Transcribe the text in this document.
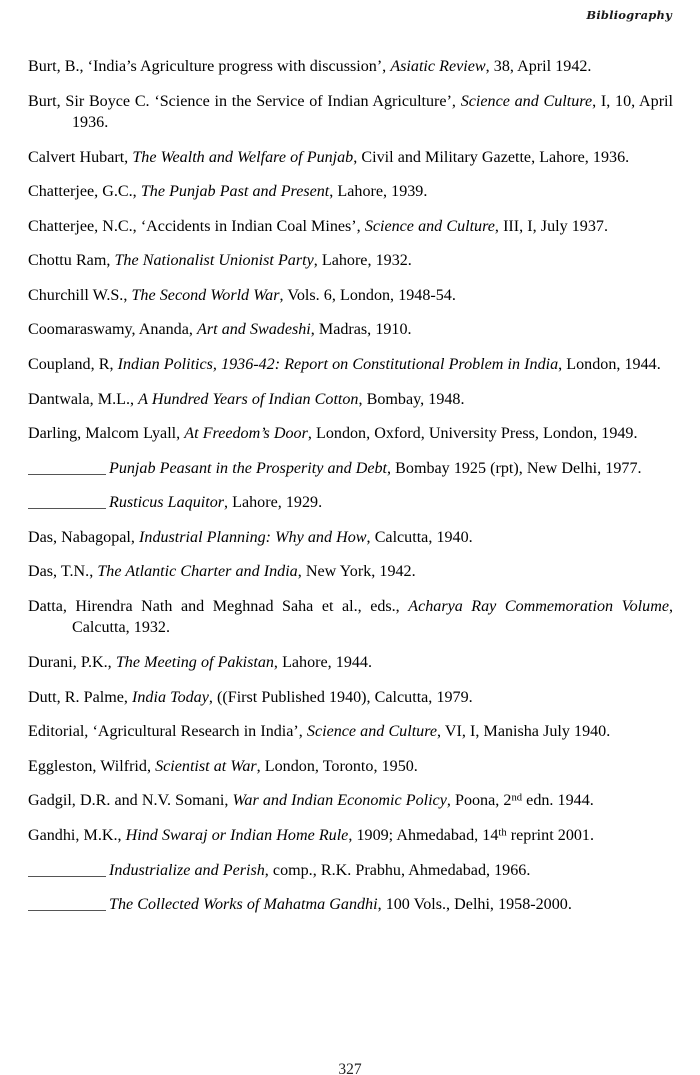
Bibliography

Burt, B., ‘India’s Agriculture progress with discussion’, Asiatic Review, 38, April 1942.

Burt, Sir Boyce C. ‘Science in the Service of Indian Agriculture’, Science and Culture, I, 10, April 1936.

Calvert Hubart, The Wealth and Welfare of Punjab, Civil and Military Gazette, Lahore, 1936.

Chatterjee, G.C., The Punjab Past and Present, Lahore, 1939.

Chatterjee, N.C., ‘Accidents in Indian Coal Mines’, Science and Culture, III, I, July 1937.

Chottu Ram, The Nationalist Unionist Party, Lahore, 1932.

Churchill W.S., The Second World War, Vols. 6, London, 1948-54.

Coomaraswamy, Ananda, Art and Swadeshi, Madras, 1910.

Coupland, R, Indian Politics, 1936-42: Report on Constitutional Problem in India, London, 1944.

Dantwala, M.L., A Hundred Years of Indian Cotton, Bombay, 1948.

Darling, Malcom Lyall, At Freedom’s Door, London, Oxford, University Press, London, 1949.

Punjab Peasant in the Prosperity and Debt, Bombay 1925 (rpt), New Delhi, 1977.

Rusticus Laquitor, Lahore, 1929.

Das, Nabagopal, Industrial Planning: Why and How, Calcutta, 1940.

Das, T.N., The Atlantic Charter and India, New York, 1942.

Datta, Hirendra Nath and Meghnad Saha et al., eds., Acharya Ray Commemoration Volume, Calcutta, 1932.

Durani, P.K., The Meeting of Pakistan, Lahore, 1944.

Dutt, R. Palme, India Today, ((First Published 1940), Calcutta, 1979.

Editorial, ‘Agricultural Research in India’, Science and Culture, VI, I, Manisha July 1940.

Eggleston, Wilfrid, Scientist at War, London, Toronto, 1950.

Gadgil, D.R. and N.V. Somani, War and Indian Economic Policy, Poona, 2nd edn. 1944.

Gandhi, M.K., Hind Swaraj or Indian Home Rule, 1909; Ahmedabad, 14th reprint 2001.

Industrialize and Perish, comp., R.K. Prabhu, Ahmedabad, 1966.

The Collected Works of Mahatma Gandhi, 100 Vols., Delhi, 1958-2000.

327
